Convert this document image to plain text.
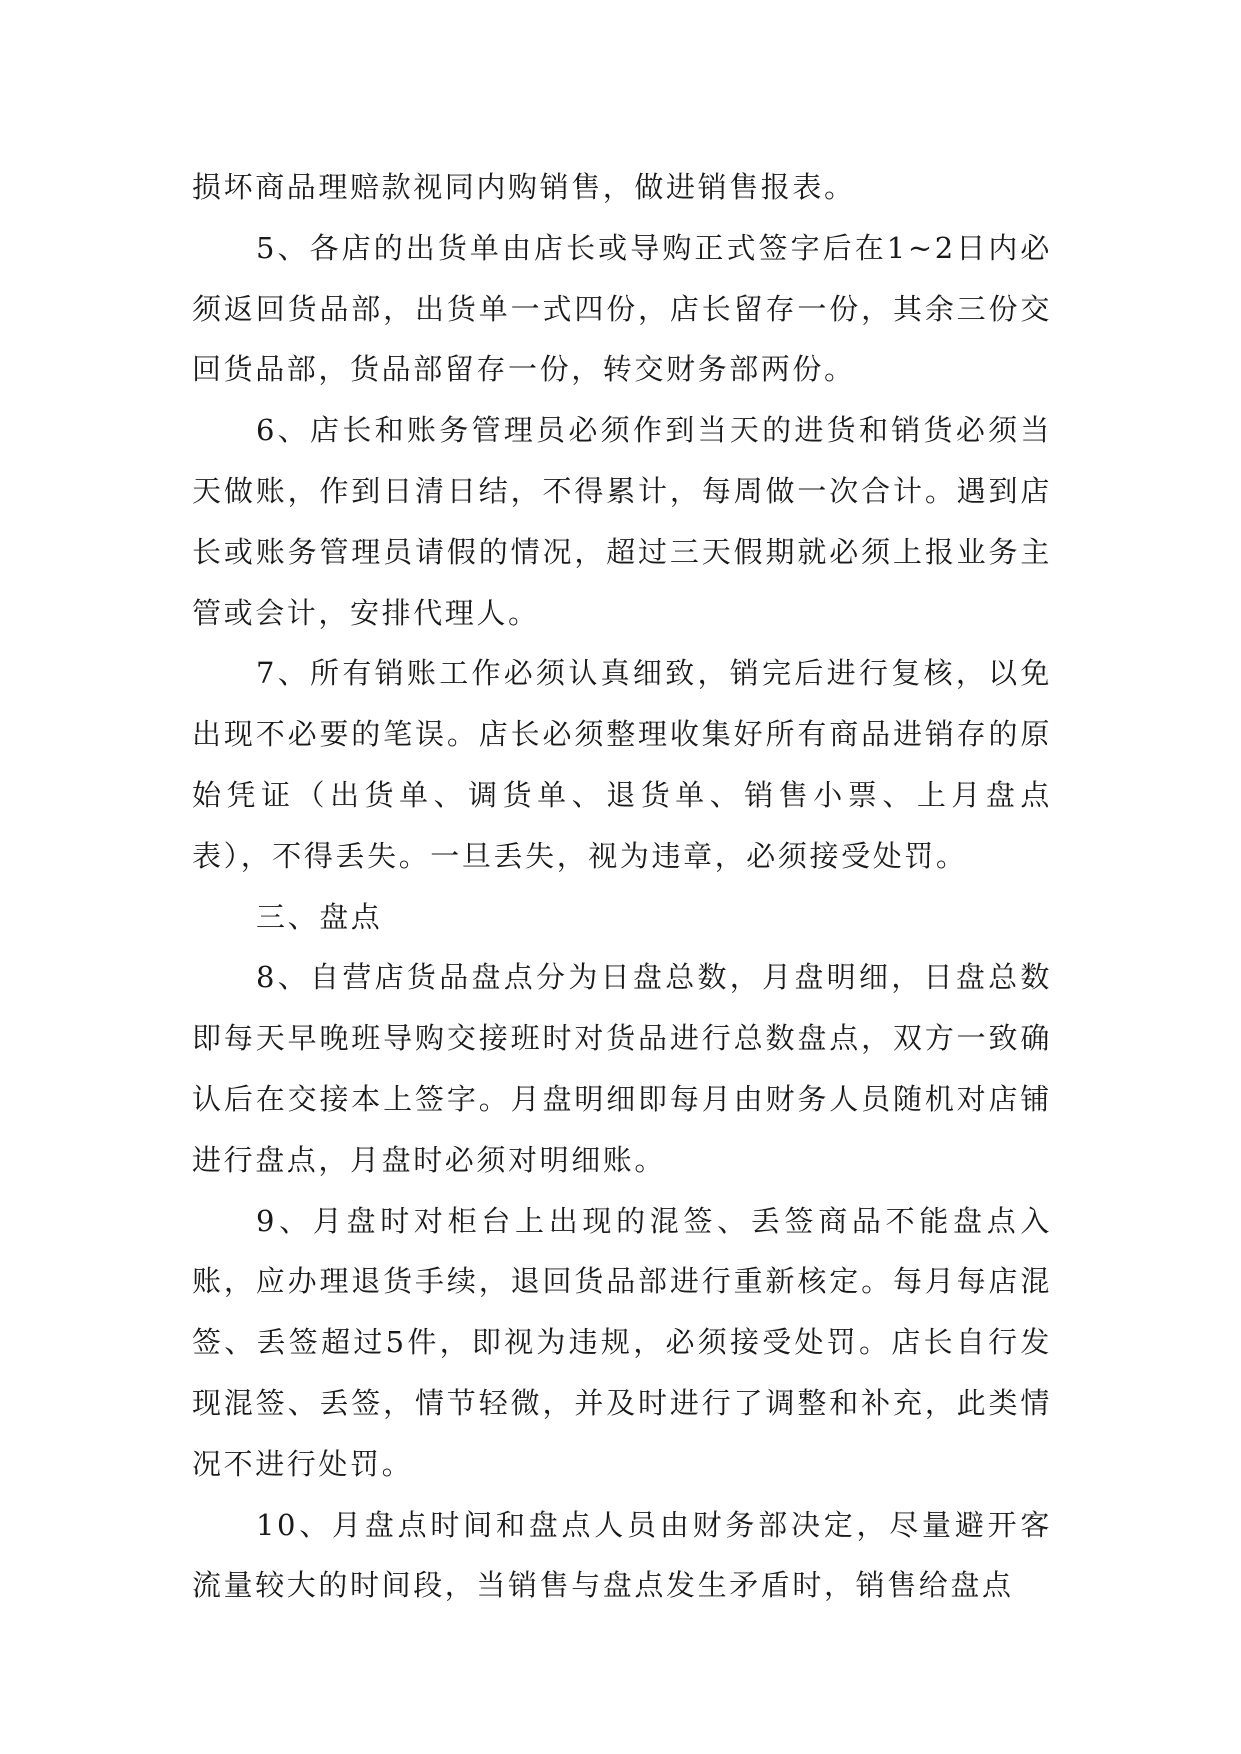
损坏商品理赔款视同内购销售，做进销售报表。

5、各店的出货单由店长或导购正式签字后在1~2日内必须返回货品部，出货单一式四份，店长留存一份，其余三份交回货品部，货品部留存一份，转交财务部两份。

6、店长和账务管理员必须作到当天的进货和销货必须当天做账，作到日清日结，不得累计，每周做一次合计。遇到店长或账务管理员请假的情况，超过三天假期就必须上报业务主管或会计，安排代理人。

7、所有销账工作必须认真细致，销完后进行复核，以免出现不必要的笔误。店长必须整理收集好所有商品进销存的原始凭证（出货单、调货单、退货单、销售小票、上月盘点表），不得丢失。一旦丢失，视为违章，必须接受处罚。

三、盘点

8、自营店货品盘点分为日盘总数，月盘明细，日盘总数即每天早晚班导购交接班时对货品进行总数盘点，双方一致确认后在交接本上签字。月盘明细即每月由财务人员随机对店铺进行盘点，月盘时必须对明细账。

9、月盘时对柜台上出现的混签、丢签商品不能盘点入账，应办理退货手续，退回货品部进行重新核定。每月每店混签、丢签超过5件，即视为违规，必须接受处罚。店长自行发现混签、丢签，情节轻微，并及时进行了调整和补充，此类情况不进行处罚。

10、月盘点时间和盘点人员由财务部决定，尽量避开客流量较大的时间段，当销售与盘点发生矛盾时，销售给盘点
